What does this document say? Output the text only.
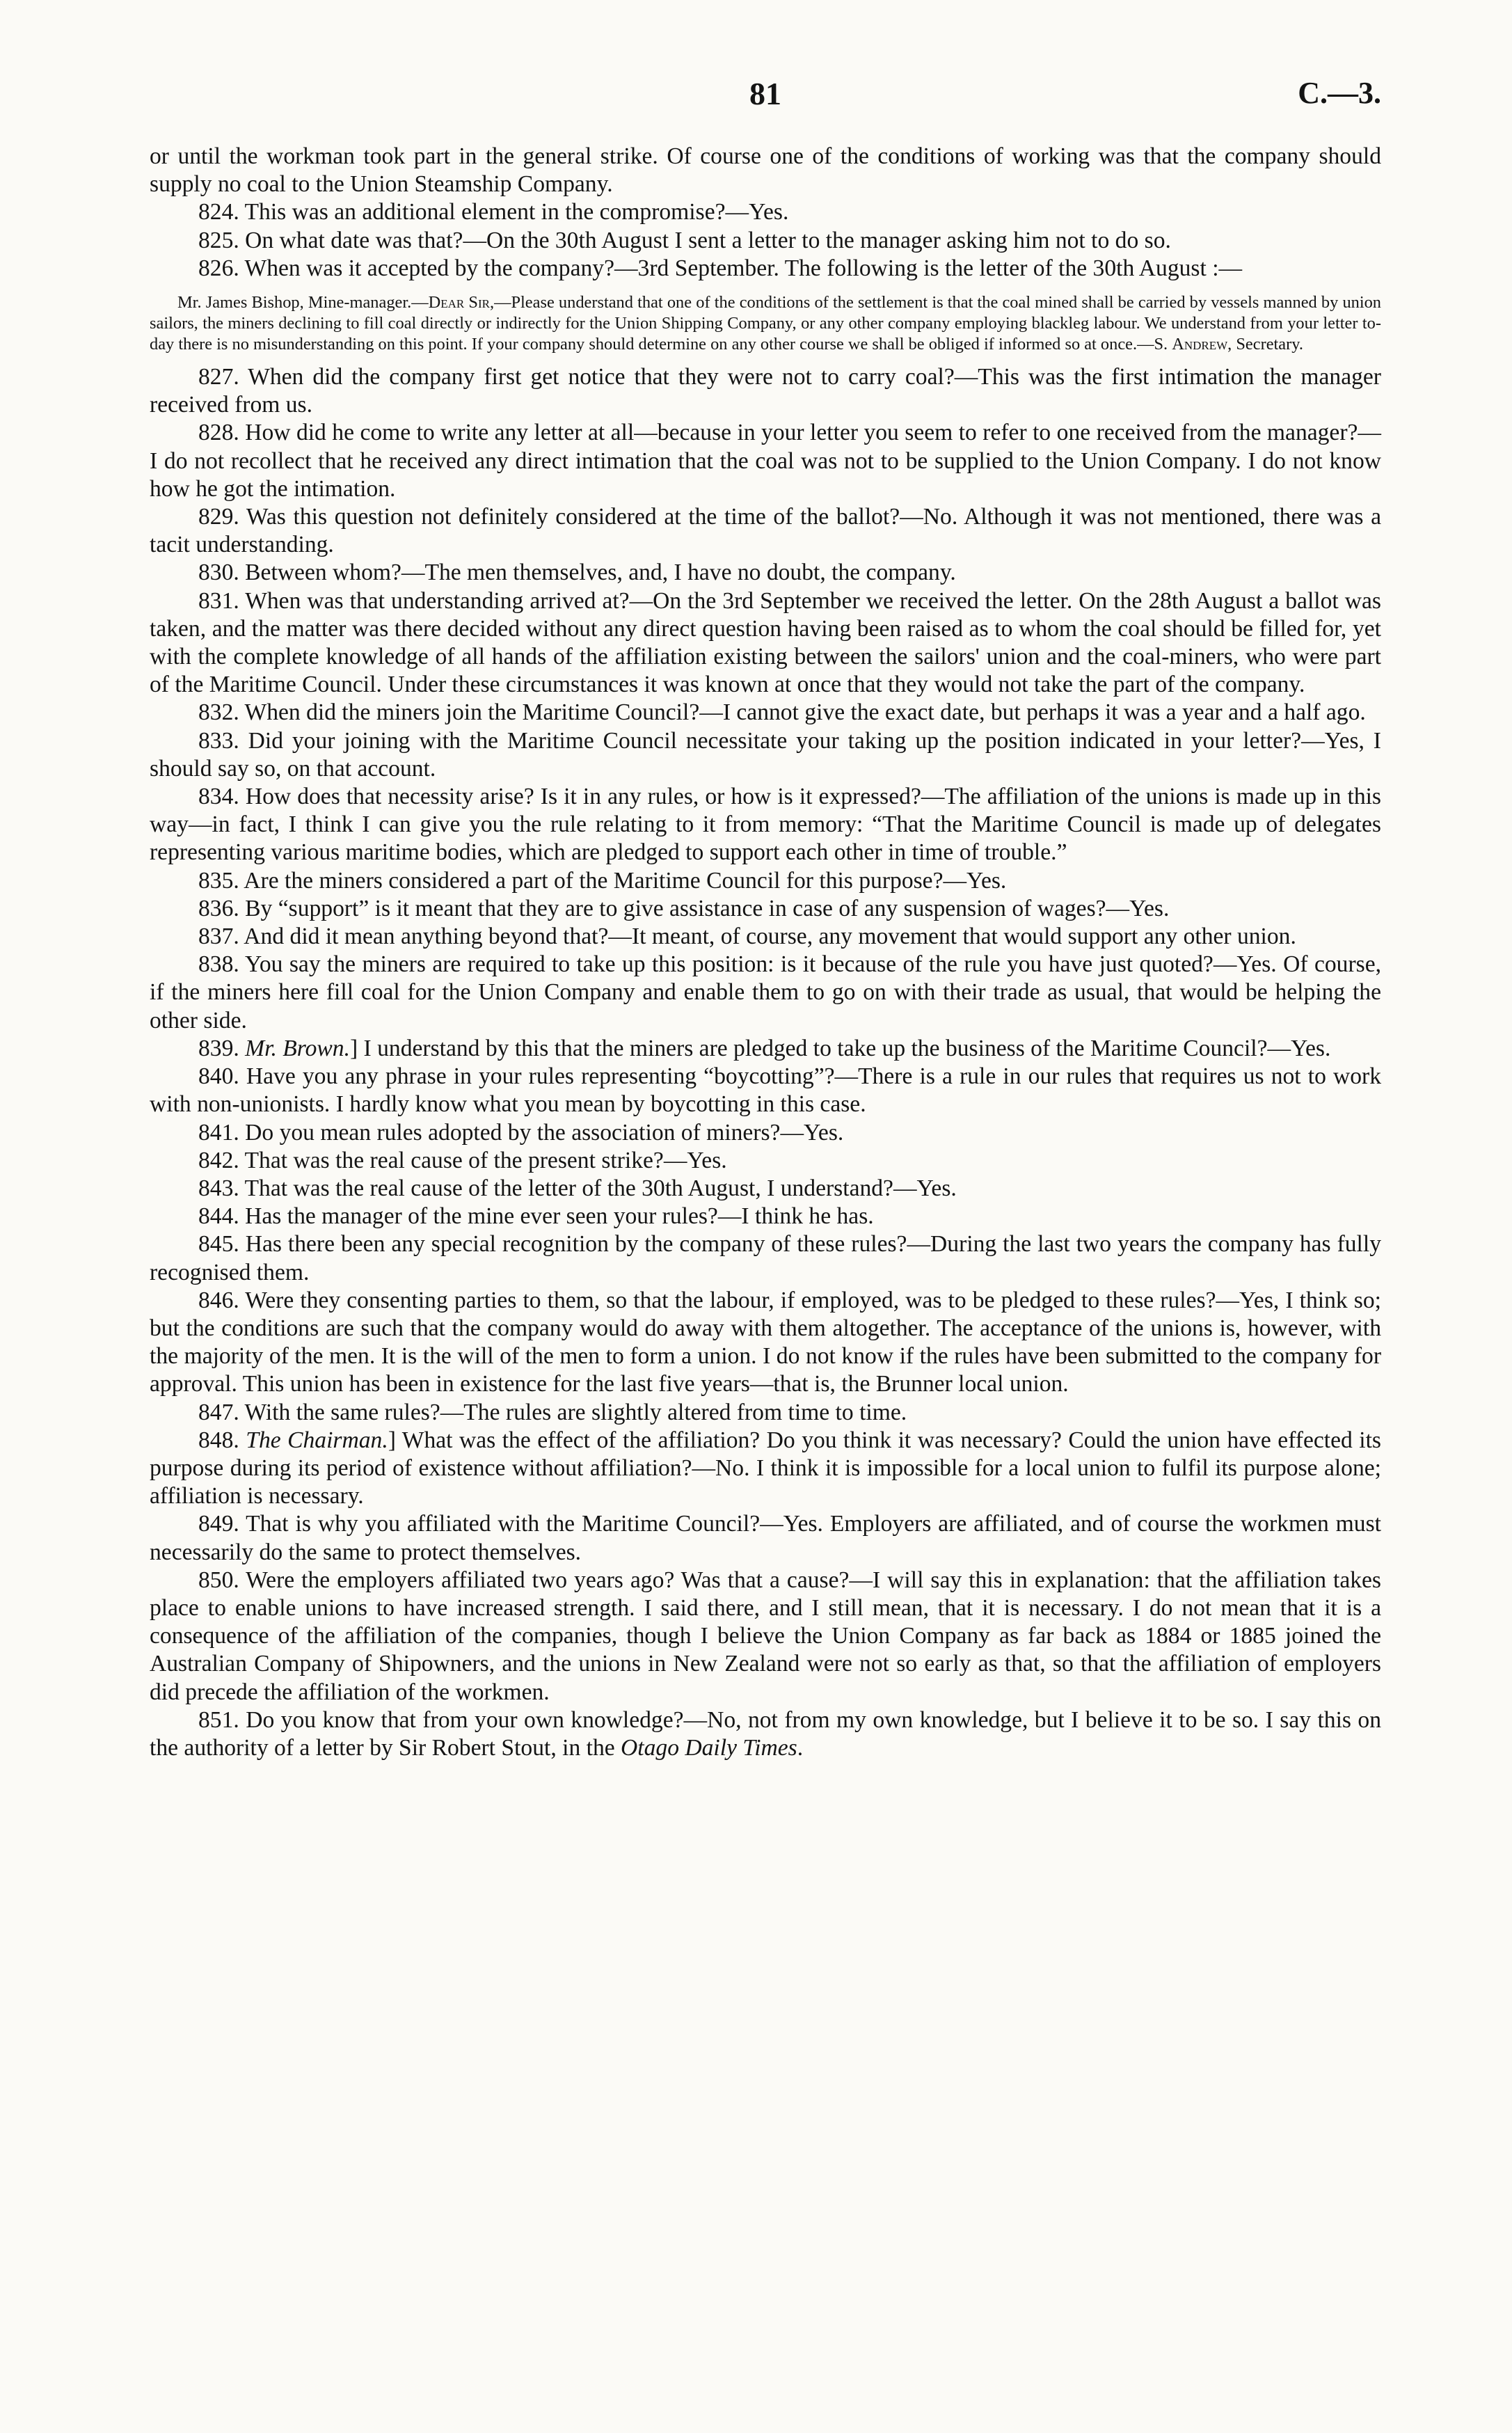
81	C.—3.

or until the workman took part in the general strike. Of course one of the conditions of working was that the company should supply no coal to the Union Steamship Company.

824. This was an additional element in the compromise?—Yes.

825. On what date was that?—On the 30th August I sent a letter to the manager asking him not to do so.

826. When was it accepted by the company?—3rd September. The following is the letter of the 30th August :—

Mr. James Bishop, Mine-manager.—Dear Sir,—Please understand that one of the conditions of the settlement is that the coal mined shall be carried by vessels manned by union sailors, the miners declining to fill coal directly or indirectly for the Union Shipping Company, or any other company employing blackleg labour. We understand from your letter to-day there is no misunderstanding on this point. If your company should determine on any other course we shall be obliged if informed so at once.—S. Andrew, Secretary.

827. When did the company first get notice that they were not to carry coal?—This was the first intimation the manager received from us.

828. How did he come to write any letter at all—because in your letter you seem to refer to one received from the manager?—I do not recollect that he received any direct intimation that the coal was not to be supplied to the Union Company. I do not know how he got the intimation.

829. Was this question not definitely considered at the time of the ballot?—No. Although it was not mentioned, there was a tacit understanding.

830. Between whom?—The men themselves, and, I have no doubt, the company.

831. When was that understanding arrived at?—On the 3rd September we received the letter. On the 28th August a ballot was taken, and the matter was there decided without any direct question having been raised as to whom the coal should be filled for, yet with the complete knowledge of all hands of the affiliation existing between the sailors' union and the coal-miners, who were part of the Maritime Council. Under these circumstances it was known at once that they would not take the part of the company.

832. When did the miners join the Maritime Council?—I cannot give the exact date, but perhaps it was a year and a half ago.

833. Did your joining with the Maritime Council necessitate your taking up the position indicated in your letter?—Yes, I should say so, on that account.

834. How does that necessity arise? Is it in any rules, or how is it expressed?—The affiliation of the unions is made up in this way—in fact, I think I can give you the rule relating to it from memory: “That the Maritime Council is made up of delegates representing various maritime bodies, which are pledged to support each other in time of trouble.”

835. Are the miners considered a part of the Maritime Council for this purpose?—Yes.

836. By “support” is it meant that they are to give assistance in case of any suspension of wages?—Yes.

837. And did it mean anything beyond that?—It meant, of course, any movement that would support any other union.

838. You say the miners are required to take up this position: is it because of the rule you have just quoted?—Yes. Of course, if the miners here fill coal for the Union Company and enable them to go on with their trade as usual, that would be helping the other side.

839. Mr. Brown.] I understand by this that the miners are pledged to take up the business of the Maritime Council?—Yes.

840. Have you any phrase in your rules representing “boycotting”?—There is a rule in our rules that requires us not to work with non-unionists. I hardly know what you mean by boycotting in this case.

841. Do you mean rules adopted by the association of miners?—Yes.

842. That was the real cause of the present strike?—Yes.

843. That was the real cause of the letter of the 30th August, I understand?—Yes.

844. Has the manager of the mine ever seen your rules?—I think he has.

845. Has there been any special recognition by the company of these rules?—During the last two years the company has fully recognised them.

846. Were they consenting parties to them, so that the labour, if employed, was to be pledged to these rules?—Yes, I think so; but the conditions are such that the company would do away with them altogether. The acceptance of the unions is, however, with the majority of the men. It is the will of the men to form a union. I do not know if the rules have been submitted to the company for approval. This union has been in existence for the last five years—that is, the Brunner local union.

847. With the same rules?—The rules are slightly altered from time to time.

848. The Chairman.] What was the effect of the affiliation? Do you think it was necessary? Could the union have effected its purpose during its period of existence without affiliation?—No. I think it is impossible for a local union to fulfil its purpose alone; affiliation is necessary.

849. That is why you affiliated with the Maritime Council?—Yes. Employers are affiliated, and of course the workmen must necessarily do the same to protect themselves.

850. Were the employers affiliated two years ago? Was that a cause?—I will say this in explanation: that the affiliation takes place to enable unions to have increased strength. I said there, and I still mean, that it is necessary. I do not mean that it is a consequence of the affiliation of the companies, though I believe the Union Company as far back as 1884 or 1885 joined the Australian Company of Shipowners, and the unions in New Zealand were not so early as that, so that the affiliation of employers did precede the affiliation of the workmen.

851. Do you know that from your own knowledge?—No, not from my own knowledge, but I believe it to be so. I say this on the authority of a letter by Sir Robert Stout, in the Otago Daily Times.
